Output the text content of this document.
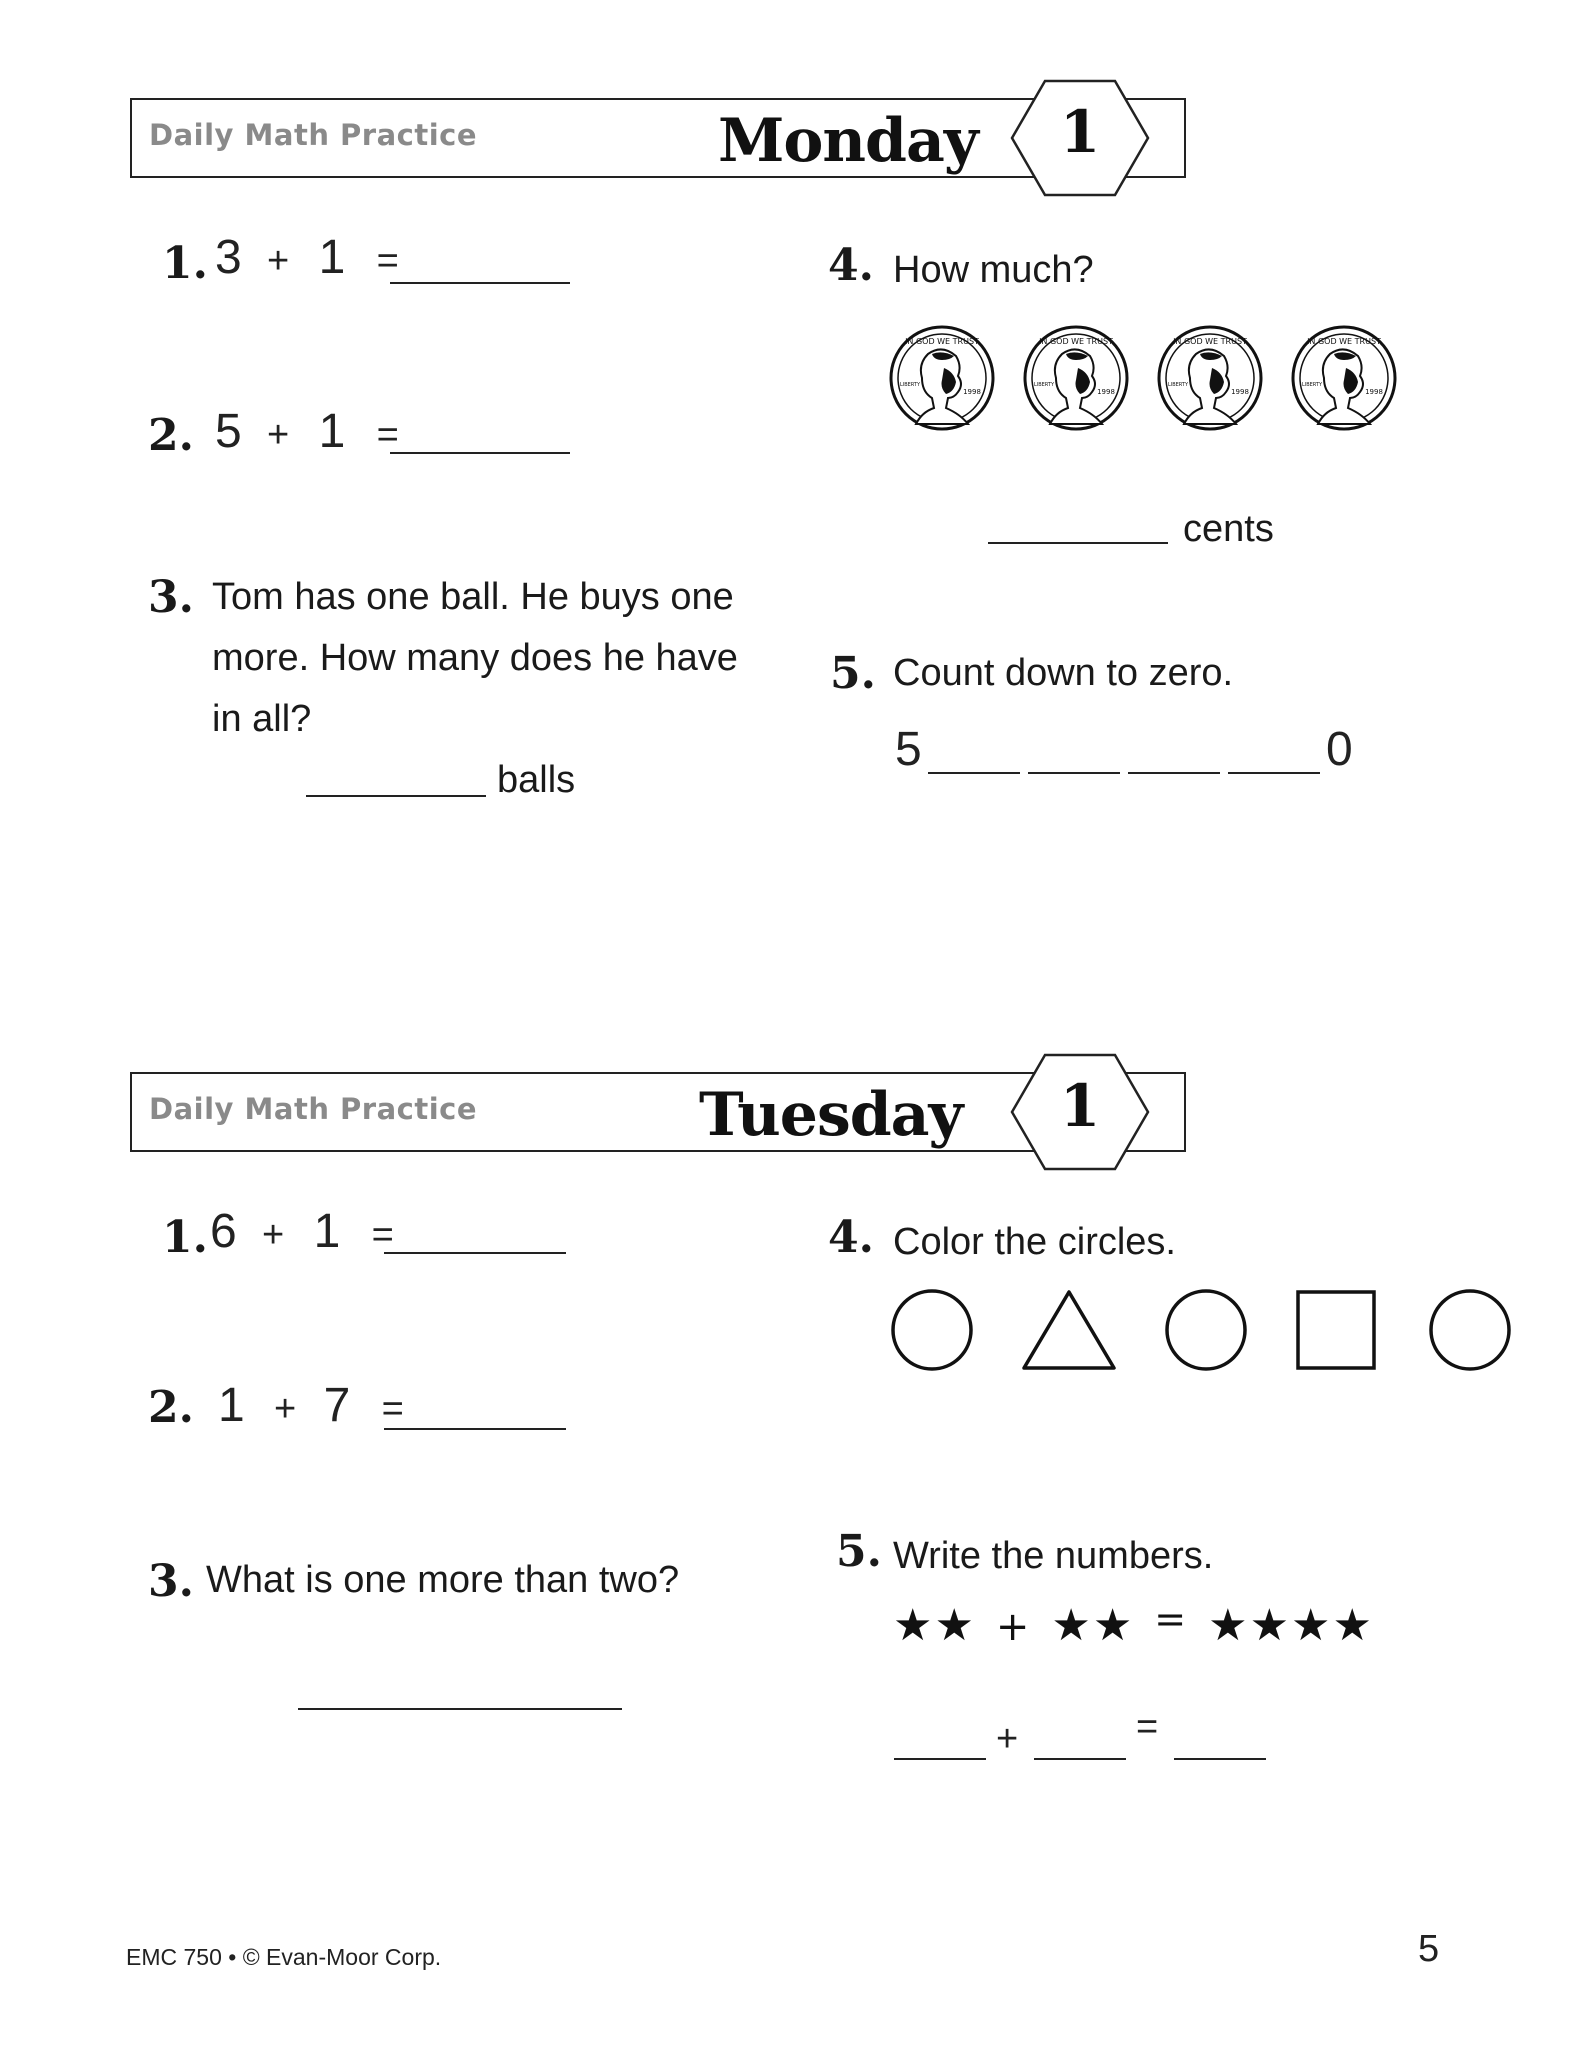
Daily Math Practice	Monday	1
1. 3 + 1 =
2. 5 + 1 =
3. Tom has one ball. He buys one
more. How many does he have
in all?
balls
4. How much?
cents
5. Count down to zero.
5	0
Daily Math Practice	Tuesday	1
1. 6 + 1 =
2. 1 + 7 =
3. What is one more than two?
4. Color the circles.
5. Write the numbers.
★★ + ★★ = ★★★★
+	=
EMC 750 • © Evan-Moor Corp.	5
